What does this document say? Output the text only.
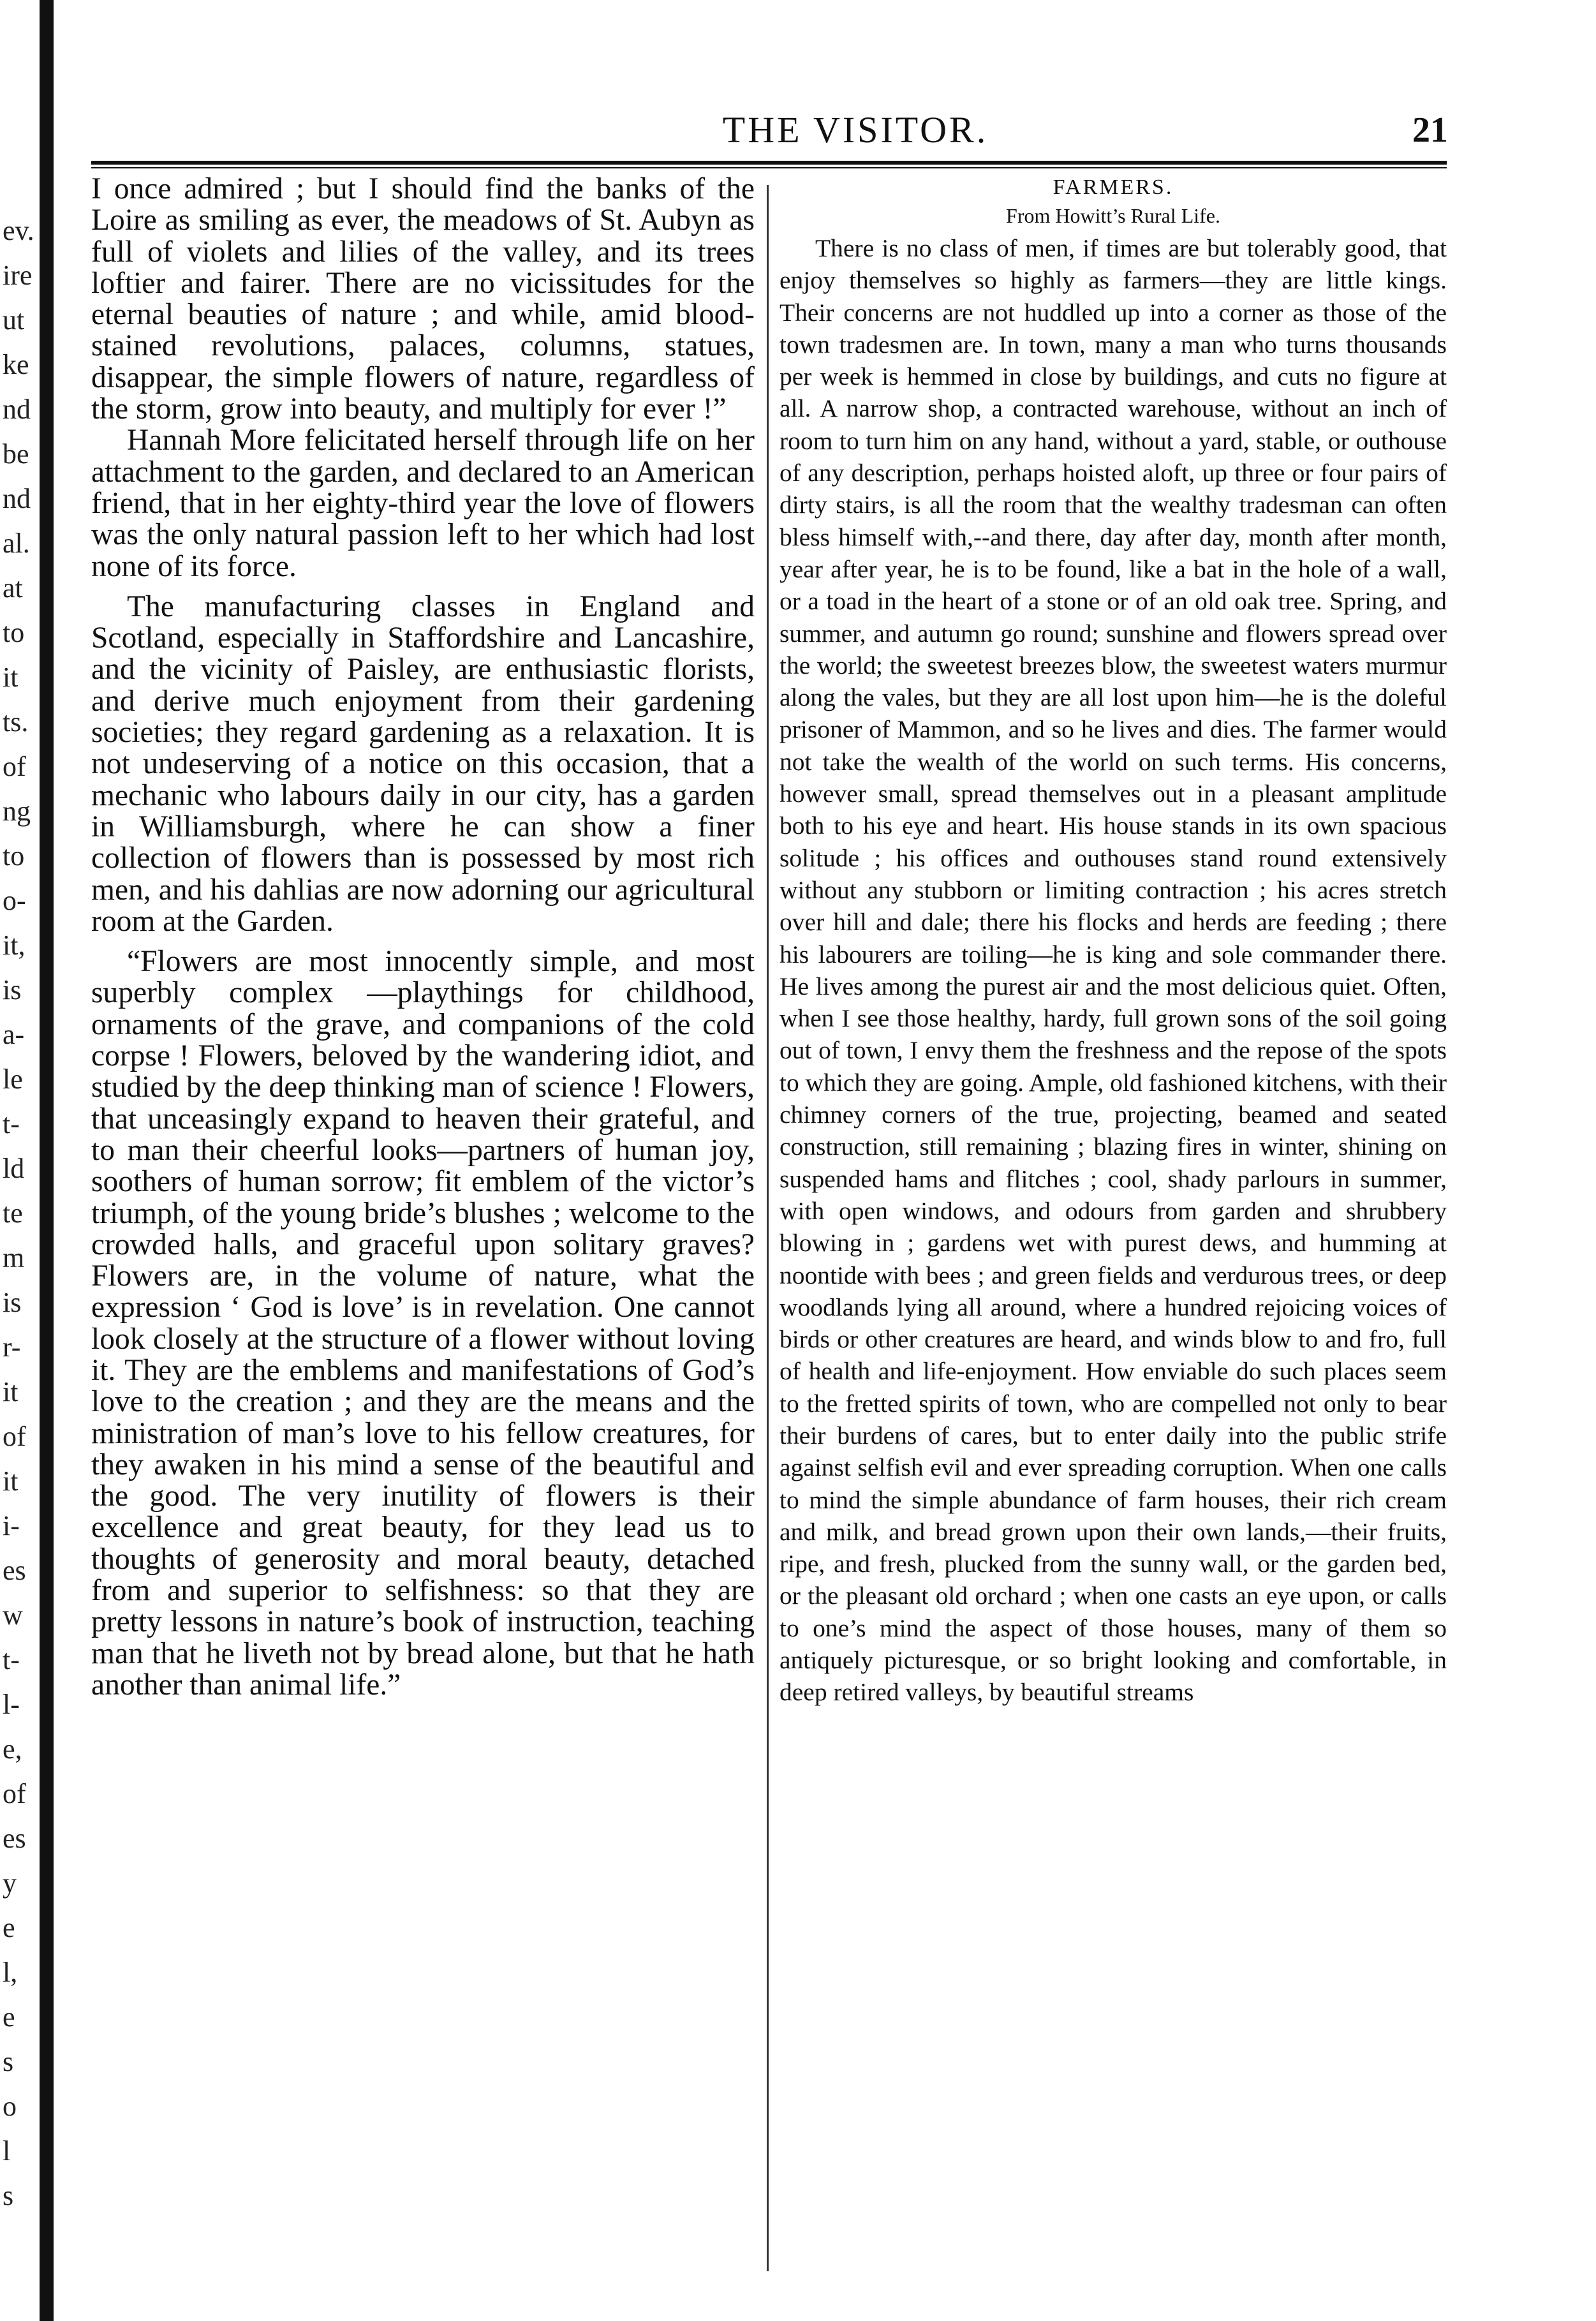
ev.
ire
ut
ke
nd
be
nd
al.
at
to
it
ts.
of
ng
to
o-
it,
is
a-
le
t-
ld
te
m
is
r-
it
of
it
i-
es
w
t-
l-
e,
of
es
y
e
l,
e
s
o
l
s
THE VISITOR.	21

I once admired ; but I should find the banks of the Loire as smiling as ever, the meadows of St. Aubyn as full of violets and lilies of the valley, and its trees loftier and fairer. There are no vicissitudes for the eternal beauties of nature ; and while, amid blood-stained revolutions, palaces, columns, statues, disappear, the simple flowers of nature, regardless of the storm, grow into beauty, and multiply for ever !”

Hannah More felicitated herself through life on her attachment to the garden, and declared to an American friend, that in her eighty-third year the love of flowers was the only natural passion left to her which had lost none of its force.

The manufacturing classes in England and Scotland, especially in Staffordshire and Lancashire, and the vicinity of Paisley, are enthusiastic florists, and derive much enjoyment from their gardening societies; they regard gardening as a relaxation. It is not undeserving of a notice on this occasion, that a mechanic who labours daily in our city, has a garden in Williamsburgh, where he can show a finer collection of flowers than is possessed by most rich men, and his dahlias are now adorning our agricultural room at the Garden.

“Flowers are most innocently simple, and most superbly complex —playthings for childhood, ornaments of the grave, and companions of the cold corpse ! Flowers, beloved by the wandering idiot, and studied by the deep thinking man of science ! Flowers, that unceasingly expand to heaven their grateful, and to man their cheerful looks—partners of human joy, soothers of human sorrow; fit emblem of the victor’s triumph, of the young bride’s blushes ; welcome to the crowded halls, and graceful upon solitary graves? Flowers are, in the volume of nature, what the expression ‘ God is love’ is in revelation. One cannot look closely at the structure of a flower without loving it. They are the emblems and manifestations of God’s love to the creation ; and they are the means and the ministration of man’s love to his fellow creatures, for they awaken in his mind a sense of the beautiful and the good. The very inutility of flowers is their excellence and great beauty, for they lead us to thoughts of generosity and moral beauty, detached from and superior to selfishness: so that they are pretty lessons in nature’s book of instruction, teaching man that he liveth not by bread alone, but that he hath another than animal life.”

FARMERS.
From Howitt’s Rural Life.

There is no class of men, if times are but tolerably good, that enjoy themselves so highly as farmers—they are little kings. Their concerns are not huddled up into a corner as those of the town tradesmen are. In town, many a man who turns thousands per week is hemmed in close by buildings, and cuts no figure at all. A narrow shop, a contracted warehouse, without an inch of room to turn him on any hand, without a yard, stable, or outhouse of any description, perhaps hoisted aloft, up three or four pairs of dirty stairs, is all the room that the wealthy tradesman can often bless himself with,--and there, day after day, month after month, year after year, he is to be found, like a bat in the hole of a wall, or a toad in the heart of a stone or of an old oak tree. Spring, and summer, and autumn go round; sunshine and flowers spread over the world; the sweetest breezes blow, the sweetest waters murmur along the vales, but they are all lost upon him—he is the doleful prisoner of Mammon, and so he lives and dies. The farmer would not take the wealth of the world on such terms. His concerns, however small, spread themselves out in a pleasant amplitude both to his eye and heart. His house stands in its own spacious solitude ; his offices and outhouses stand round extensively without any stubborn or limiting contraction ; his acres stretch over hill and dale; there his flocks and herds are feeding ; there his labourers are toiling—he is king and sole commander there. He lives among the purest air and the most delicious quiet. Often, when I see those healthy, hardy, full grown sons of the soil going out of town, I envy them the freshness and the repose of the spots to which they are going. Ample, old fashioned kitchens, with their chimney corners of the true, projecting, beamed and seated construction, still remaining ; blazing fires in winter, shining on suspended hams and flitches ; cool, shady parlours in summer, with open windows, and odours from garden and shrubbery blowing in ; gardens wet with purest dews, and humming at noontide with bees ; and green fields and verdurous trees, or deep woodlands lying all around, where a hundred rejoicing voices of birds or other creatures are heard, and winds blow to and fro, full of health and life-enjoyment. How enviable do such places seem to the fretted spirits of town, who are compelled not only to bear their burdens of cares, but to enter daily into the public strife against selfish evil and ever spreading corruption. When one calls to mind the simple abundance of farm houses, their rich cream and milk, and bread grown upon their own lands,—their fruits, ripe, and fresh, plucked from the sunny wall, or the garden bed, or the pleasant old orchard ; when one casts an eye upon, or calls to one’s mind the aspect of those houses, many of them so antiquely picturesque, or so bright looking and comfortable, in deep retired valleys, by beautiful streams
